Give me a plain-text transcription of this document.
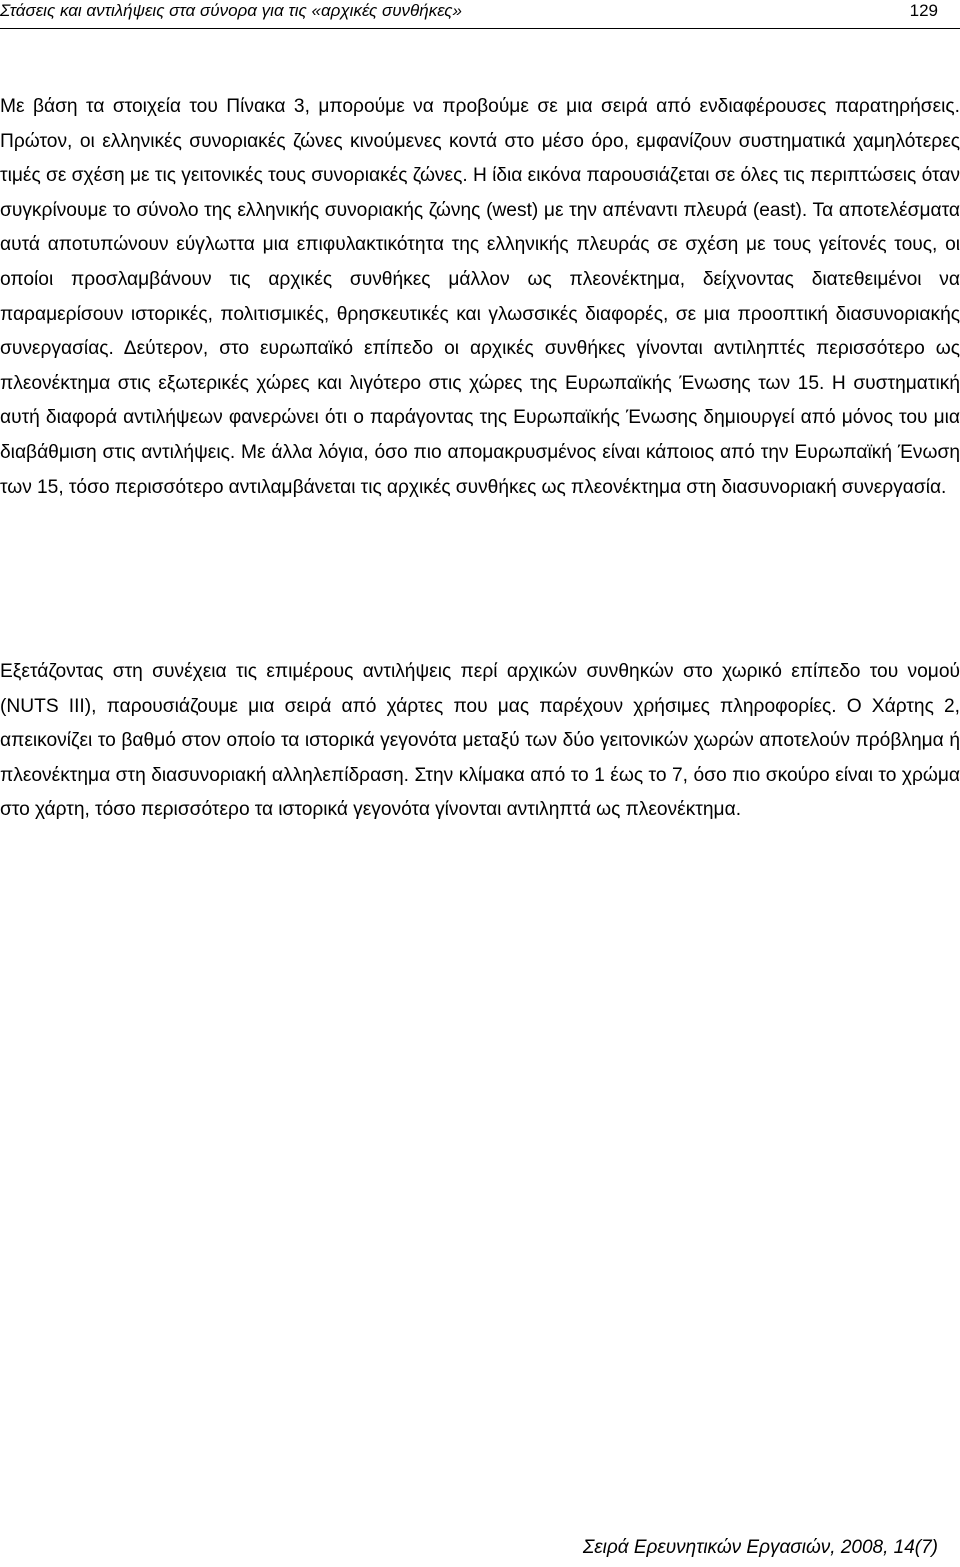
Στάσεις και αντιλήψεις στα σύνορα για τις «αρχικές συνθήκες»	129

Με βάση τα στοιχεία του Πίνακα 3, μπορούμε να προβούμε σε μια σειρά από ενδιαφέρουσες παρατηρήσεις. Πρώτον, οι ελληνικές συνοριακές ζώνες κινούμενες κοντά στο μέσο όρο, εμφανίζουν συστηματικά χαμηλότερες τιμές σε σχέση με τις γειτονικές τους συνοριακές ζώνες. Η ίδια εικόνα παρουσιάζεται σε όλες τις περιπτώσεις όταν συγκρίνουμε το σύνολο της ελληνικής συνοριακής ζώνης (west) με την απέναντι πλευρά (east). Τα αποτελέσματα αυτά αποτυπώνουν εύγλωττα μια επιφυλακτικότητα της ελληνικής πλευράς σε σχέση με τους γείτονές τους, οι οποίοι προσλαμβάνουν τις αρχικές συνθήκες μάλλον ως πλεονέκτημα, δείχνοντας διατεθειμένοι να παραμερίσουν ιστορικές, πολιτισμικές, θρησκευτικές και γλωσσικές διαφορές, σε μια προοπτική διασυνοριακής συνεργασίας. Δεύτερον, στο ευρωπαϊκό επίπεδο οι αρχικές συνθήκες γίνονται αντιληπτές περισσότερο ως πλεονέκτημα στις εξωτερικές χώρες και λιγότερο στις χώρες της Ευρωπαϊκής Ένωσης των 15. Η συστηματική αυτή διαφορά αντιλήψεων φανερώνει ότι ο παράγοντας της Ευρωπαϊκής Ένωσης δημιουργεί από μόνος του μια διαβάθμιση στις αντιλήψεις. Με άλλα λόγια, όσο πιο απομακρυσμένος είναι κάποιος από την Ευρωπαϊκή Ένωση των 15, τόσο περισσότερο αντιλαμβάνεται τις αρχικές συνθήκες ως πλεονέκτημα στη διασυνοριακή συνεργασία.

Εξετάζοντας στη συνέχεια τις επιμέρους αντιλήψεις περί αρχικών συνθηκών στο χωρικό επίπεδο του νομού (NUTS III), παρουσιάζουμε μια σειρά από χάρτες που μας παρέχουν χρήσιμες πληροφορίες. Ο Χάρτης 2, απεικονίζει το βαθμό στον οποίο τα ιστορικά γεγονότα μεταξύ των δύο γειτονικών χωρών αποτελούν πρόβλημα ή πλεονέκτημα στη διασυνοριακή αλληλεπίδραση. Στην κλίμακα από το 1 έως το 7, όσο πιο σκούρο είναι το χρώμα στο χάρτη, τόσο περισσότερο τα ιστορικά γεγονότα γίνονται αντιληπτά ως πλεονέκτημα.

Σειρά Ερευνητικών Εργασιών, 2008, 14(7)
